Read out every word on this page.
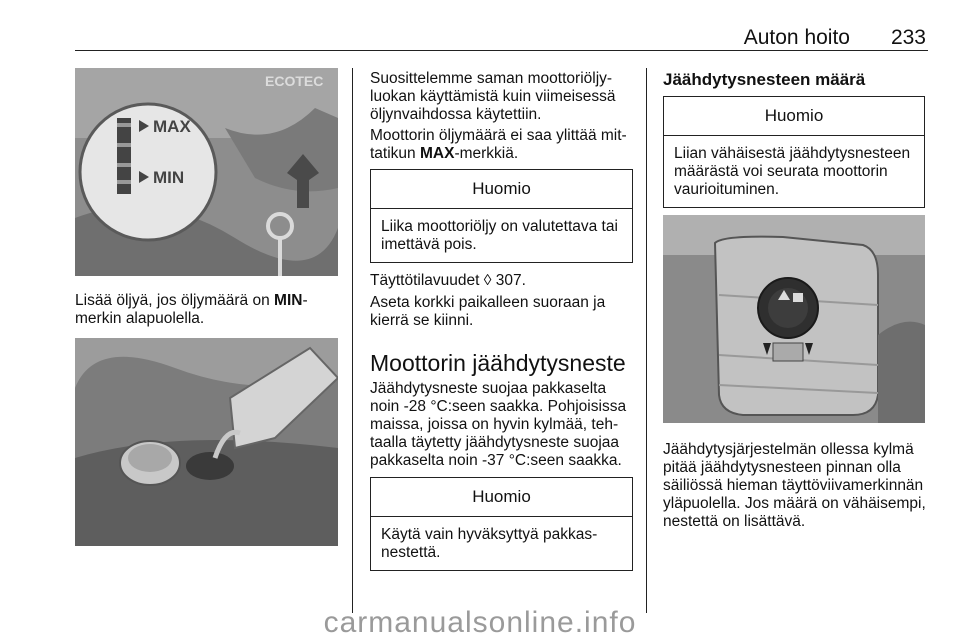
Auton hoito 233
ECOTEC
MAX
MIN

Lisää öljyä, jos öljymäärä on MIN-merkin alapuolella.

Suosittelemme saman moottoriöljyluokan käyttämistä kuin viimeisessä öljynvaihdossa käytettiin.

Moottorin öljymäärä ei saa ylittää mittatikun MAX-merkkiä.

Huomio
Liika moottoriöljy on valutettava tai imettävä pois.

Täyttötilavuudet ◊ 307.

Aseta korkki paikalleen suoraan ja kierrä se kiinni.

Moottorin jäähdytysneste

Jäähdytysneste suojaa pakkaselta noin -28 °C:seen saakka. Pohjoisissa maissa, joissa on hyvin kylmää, tehtaalla täytetty jäähdytysneste suojaa pakkaselta noin -37 °C:seen saakka.

Huomio
Käytä vain hyväksyttyä pakkasnestettä.
Jäähdytysnesteen määrä
Huomio
Liian vähäisestä jäähdytysnesteen määrästä voi seurata moottorin vaurioituminen.

Jäähdytysjärjestelmän ollessa kylmä pitää jäähdytysnesteen pinnan olla säiliössä hieman täyttöviivamerkinnän yläpuolella. Jos määrä on vähäisempi, nestettä on lisättävä.

carmanualsonline.info
